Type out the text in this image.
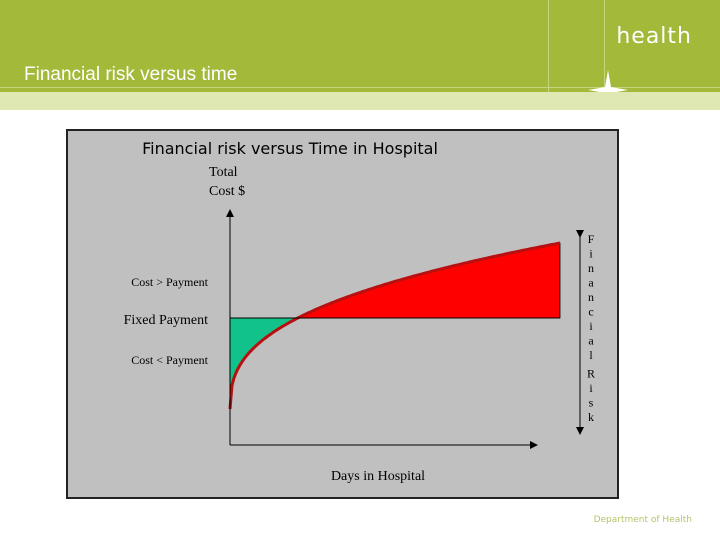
health
Financial risk versus time
Financial risk versus Time in Hospital
Total
Cost $
Cost > Payment
Fixed Payment
Cost < Payment
F
i
n
a
n
c
i
a
l
R
i
s
k
Days in Hospital
Department of Health
